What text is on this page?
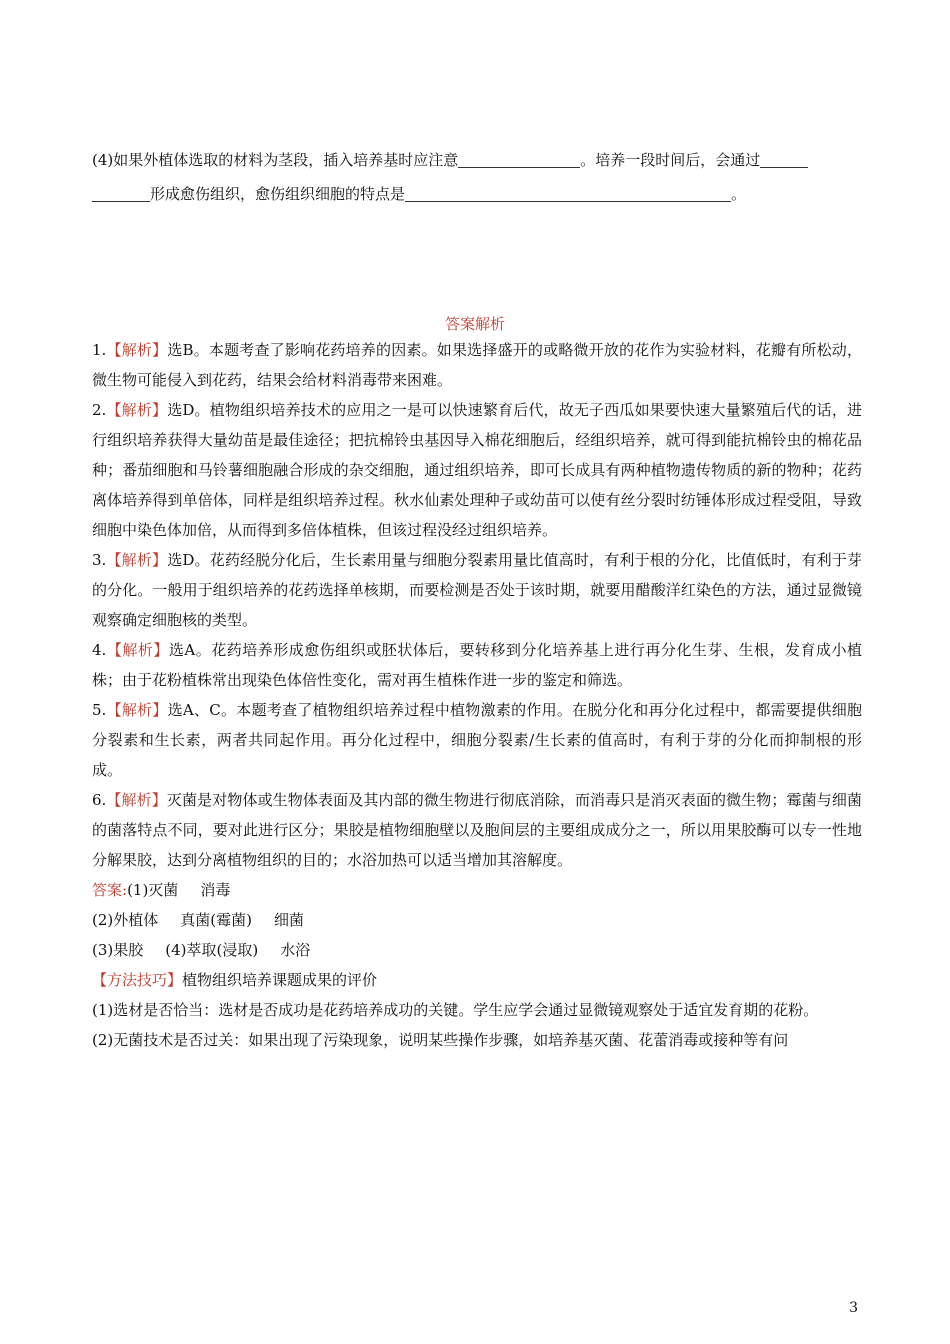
(4)如果外植体选取的材料为茎段，插入培养基时应注意	。培养一段时间后，会通过
形成愈伤组织，愈伤组织细胞的特点是	。
答案解析

1.【解析】选B。本题考查了影响花药培养的因素。如果选择盛开的或略微开放的花作为实验材料，花瓣有所松动，微生物可能侵入到花药，结果会给材料消毒带来困难。

2.【解析】选D。植物组织培养技术的应用之一是可以快速繁育后代，故无子西瓜如果要快速大量繁殖后代的话，进行组织培养获得大量幼苗是最佳途径；把抗棉铃虫基因导入棉花细胞后，经组织培养，就可得到能抗棉铃虫的棉花品种；番茄细胞和马铃薯细胞融合形成的杂交细胞，通过组织培养，即可长成具有两种植物遗传物质的新的物种；花药离体培养得到单倍体，同样是组织培养过程。秋水仙素处理种子或幼苗可以使有丝分裂时纺锤体形成过程受阻，导致细胞中染色体加倍，从而得到多倍体植株，但该过程没经过组织培养。

3.【解析】选D。花药经脱分化后，生长素用量与细胞分裂素用量比值高时，有利于根的分化，比值低时，有利于芽的分化。一般用于组织培养的花药选择单核期，而要检测是否处于该时期，就要用醋酸洋红染色的方法，通过显微镜观察确定细胞核的类型。

4.【解析】选A。花药培养形成愈伤组织或胚状体后，要转移到分化培养基上进行再分化生芽、生根，发育成小植株；由于花粉植株常出现染色体倍性变化，需对再生植株作进一步的鉴定和筛选。

5.【解析】选A、C。本题考查了植物组织培养过程中植物激素的作用。在脱分化和再分化过程中，都需要提供细胞分裂素和生长素，两者共同起作用。再分化过程中，细胞分裂素/生长素的值高时，有利于芽的分化而抑制根的形成。

6.【解析】灭菌是对物体或生物体表面及其内部的微生物进行彻底消除，而消毒只是消灭表面的微生物；霉菌与细菌的菌落特点不同，要对此进行区分；果胶是植物细胞壁以及胞间层的主要组成成分之一，所以用果胶酶可以专一性地分解果胶，达到分离植物组织的目的；水浴加热可以适当增加其溶解度。

答案:(1)灭菌 消毒

(2)外植体 真菌(霉菌) 细菌

(3)果胶 (4)萃取(浸取) 水浴

【方法技巧】植物组织培养课题成果的评价

(1)选材是否恰当：选材是否成功是花药培养成功的关键。学生应学会通过显微镜观察处于适宜发育期的花粉。

(2)无菌技术是否过关：如果出现了污染现象，说明某些操作步骤，如培养基灭菌、花蕾消毒或接种等有问

3
